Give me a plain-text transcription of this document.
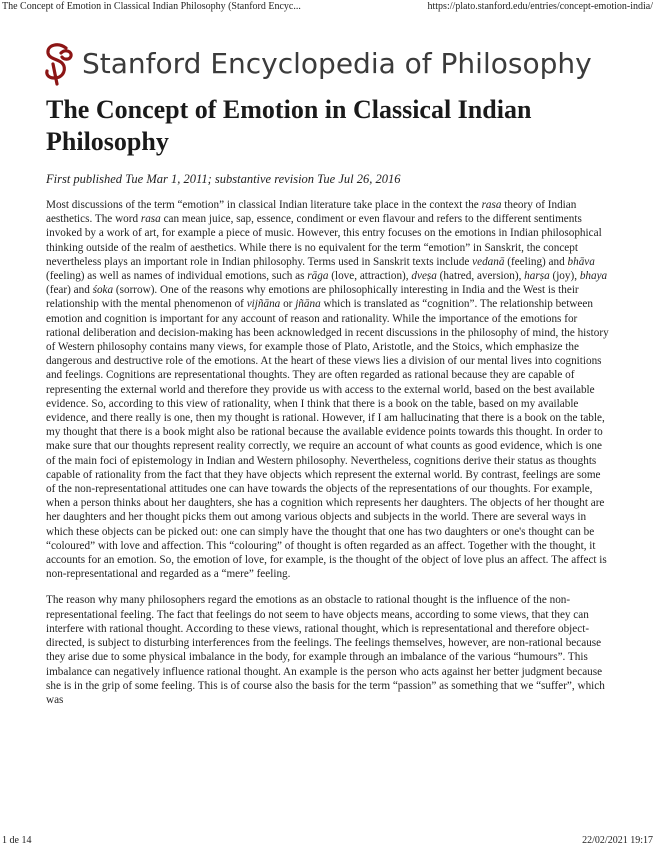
The Concept of Emotion in Classical Indian Philosophy (Stanford Encyc...	https://plato.stanford.edu/entries/concept-emotion-india/
Stanford Encyclopedia of Philosophy
The Concept of Emotion in Classical Indian Philosophy
First published Tue Mar 1, 2011; substantive revision Tue Jul 26, 2016

Most discussions of the term “emotion” in classical Indian literature take place in the context the rasa theory of Indian aesthetics. The word rasa can mean juice, sap, essence, condiment or even flavour and refers to the different sentiments invoked by a work of art, for example a piece of music. However, this entry focuses on the emotions in Indian philosophical thinking outside of the realm of aesthetics. While there is no equivalent for the term “emotion” in Sanskrit, the concept nevertheless plays an important role in Indian philosophy. Terms used in Sanskrit texts include vedanā (feeling) and bhāva (feeling) as well as names of individual emotions, such as rāga (love, attraction), dveṣa (hatred, aversion), harṣa (joy), bhaya (fear) and śoka (sorrow). One of the reasons why emotions are philosophically interesting in India and the West is their relationship with the mental phenomenon of vijñāna or jñāna which is translated as “cognition”. The relationship between emotion and cognition is important for any account of reason and rationality. While the importance of the emotions for rational deliberation and decision-making has been acknowledged in recent discussions in the philosophy of mind, the history of Western philosophy contains many views, for example those of Plato, Aristotle, and the Stoics, which emphasize the dangerous and destructive role of the emotions. At the heart of these views lies a division of our mental lives into cognitions and feelings. Cognitions are representational thoughts. They are often regarded as rational because they are capable of representing the external world and therefore they provide us with access to the external world, based on the best available evidence. So, according to this view of rationality, when I think that there is a book on the table, based on my available evidence, and there really is one, then my thought is rational. However, if I am hallucinating that there is a book on the table, my thought that there is a book might also be rational because the available evidence points towards this thought. In order to make sure that our thoughts represent reality correctly, we require an account of what counts as good evidence, which is one of the main foci of epistemology in Indian and Western philosophy. Nevertheless, cognitions derive their status as thoughts capable of rationality from the fact that they have objects which represent the external world. By contrast, feelings are some of the non-representational attitudes one can have towards the objects of the representations of our thoughts. For example, when a person thinks about her daughters, she has a cognition which represents her daughters. The objects of her thought are her daughters and her thought picks them out among various objects and subjects in the world. There are several ways in which these objects can be picked out: one can simply have the thought that one has two daughters or one's thought can be “coloured” with love and affection. This “colouring” of thought is often regarded as an affect. Together with the thought, it accounts for an emotion. So, the emotion of love, for example, is the thought of the object of love plus an affect. The affect is non-representational and regarded as a “mere” feeling.

The reason why many philosophers regard the emotions as an obstacle to rational thought is the influence of the non-representational feeling. The fact that feelings do not seem to have objects means, according to some views, that they can interfere with rational thought. According to these views, rational thought, which is representational and therefore object-directed, is subject to disturbing interferences from the feelings. The feelings themselves, however, are non-rational because they arise due to some physical imbalance in the body, for example through an imbalance of the various “humours”. This imbalance can negatively influence rational thought. An example is the person who acts against her better judgment because she is in the grip of some feeling. This is of course also the basis for the term “passion” as something that we “suffer”, which was

1 de 14	22/02/2021 19:17
